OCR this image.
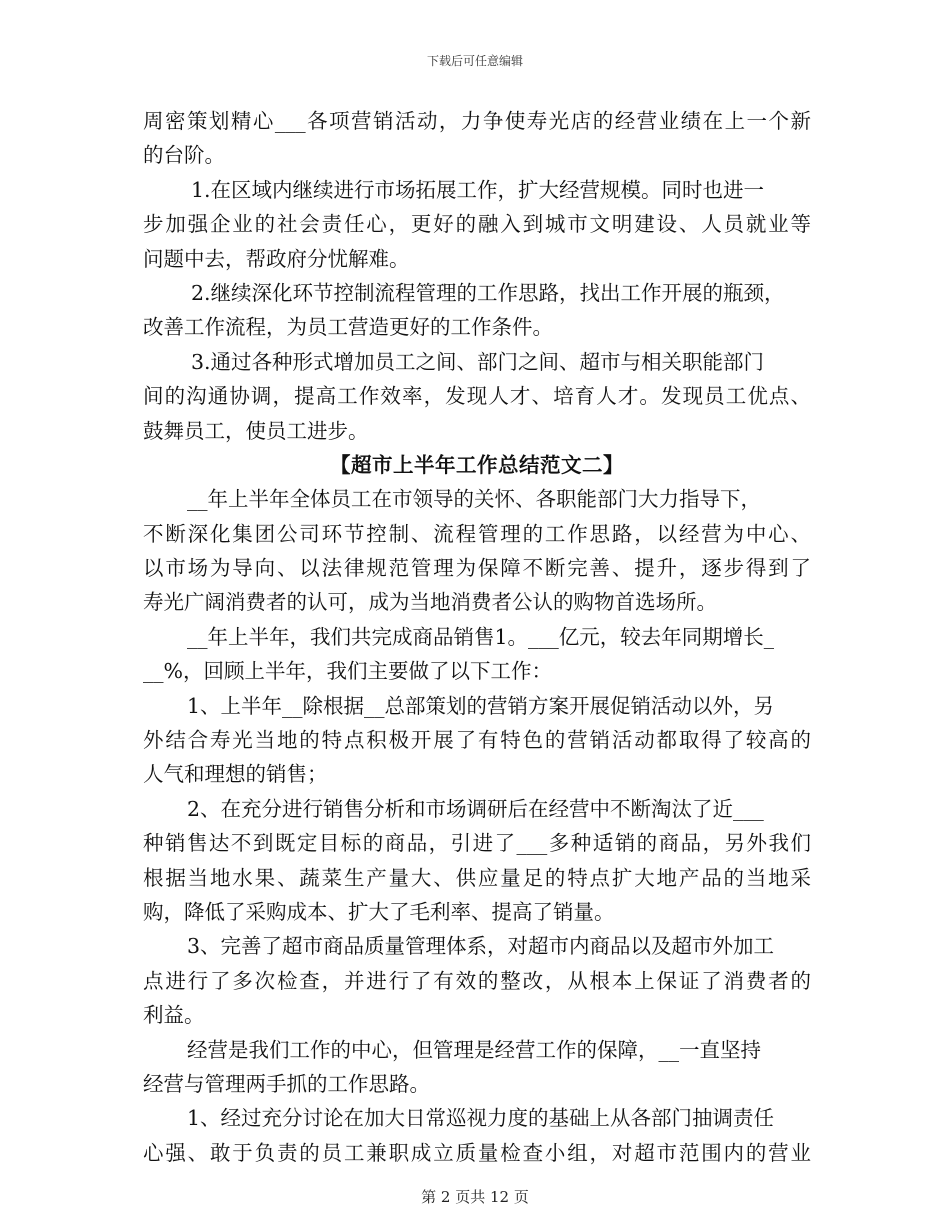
下载后可任意编辑
周密策划精心___各项营销活动，力争使寿光店的经营业绩在上一个新
的台阶。
1.在区域内继续进行市场拓展工作，扩大经营规模。同时也进一
步加强企业的社会责任心，更好的融入到城市文明建设、人员就业等
问题中去，帮政府分忧解难。
2.继续深化环节控制流程管理的工作思路，找出工作开展的瓶颈，
改善工作流程，为员工营造更好的工作条件。
3.通过各种形式增加员工之间、部门之间、超市与相关职能部门
间的沟通协调，提高工作效率，发现人才、培育人才。发现员工优点、
鼓舞员工，使员工进步。
【超市上半年工作总结范文二】
__年上半年全体员工在市领导的关怀、各职能部门大力指导下，
不断深化集团公司环节控制、流程管理的工作思路，以经营为中心、
以市场为导向、以法律规范管理为保障不断完善、提升，逐步得到了
寿光广阔消费者的认可，成为当地消费者公认的购物首选场所。
__年上半年，我们共完成商品销售1。___亿元，较去年同期增长_
__%，回顾上半年，我们主要做了以下工作：
1、上半年__除根据__总部策划的营销方案开展促销活动以外，另
外结合寿光当地的特点积极开展了有特色的营销活动都取得了较高的
人气和理想的销售；
2、在充分进行销售分析和市场调研后在经营中不断淘汰了近___
种销售达不到既定目标的商品，引进了___多种适销的商品，另外我们
根据当地水果、蔬菜生产量大、供应量足的特点扩大地产品的当地采
购，降低了采购成本、扩大了毛利率、提高了销量。
3、完善了超市商品质量管理体系，对超市内商品以及超市外加工
点进行了多次检查，并进行了有效的整改，从根本上保证了消费者的
利益。
经营是我们工作的中心，但管理是经营工作的保障，__一直坚持
经营与管理两手抓的工作思路。
1、经过充分讨论在加大日常巡视力度的基础上从各部门抽调责任
心强、敢于负责的员工兼职成立质量检查小组，对超市范围内的营业
第 2 页共 12 页
